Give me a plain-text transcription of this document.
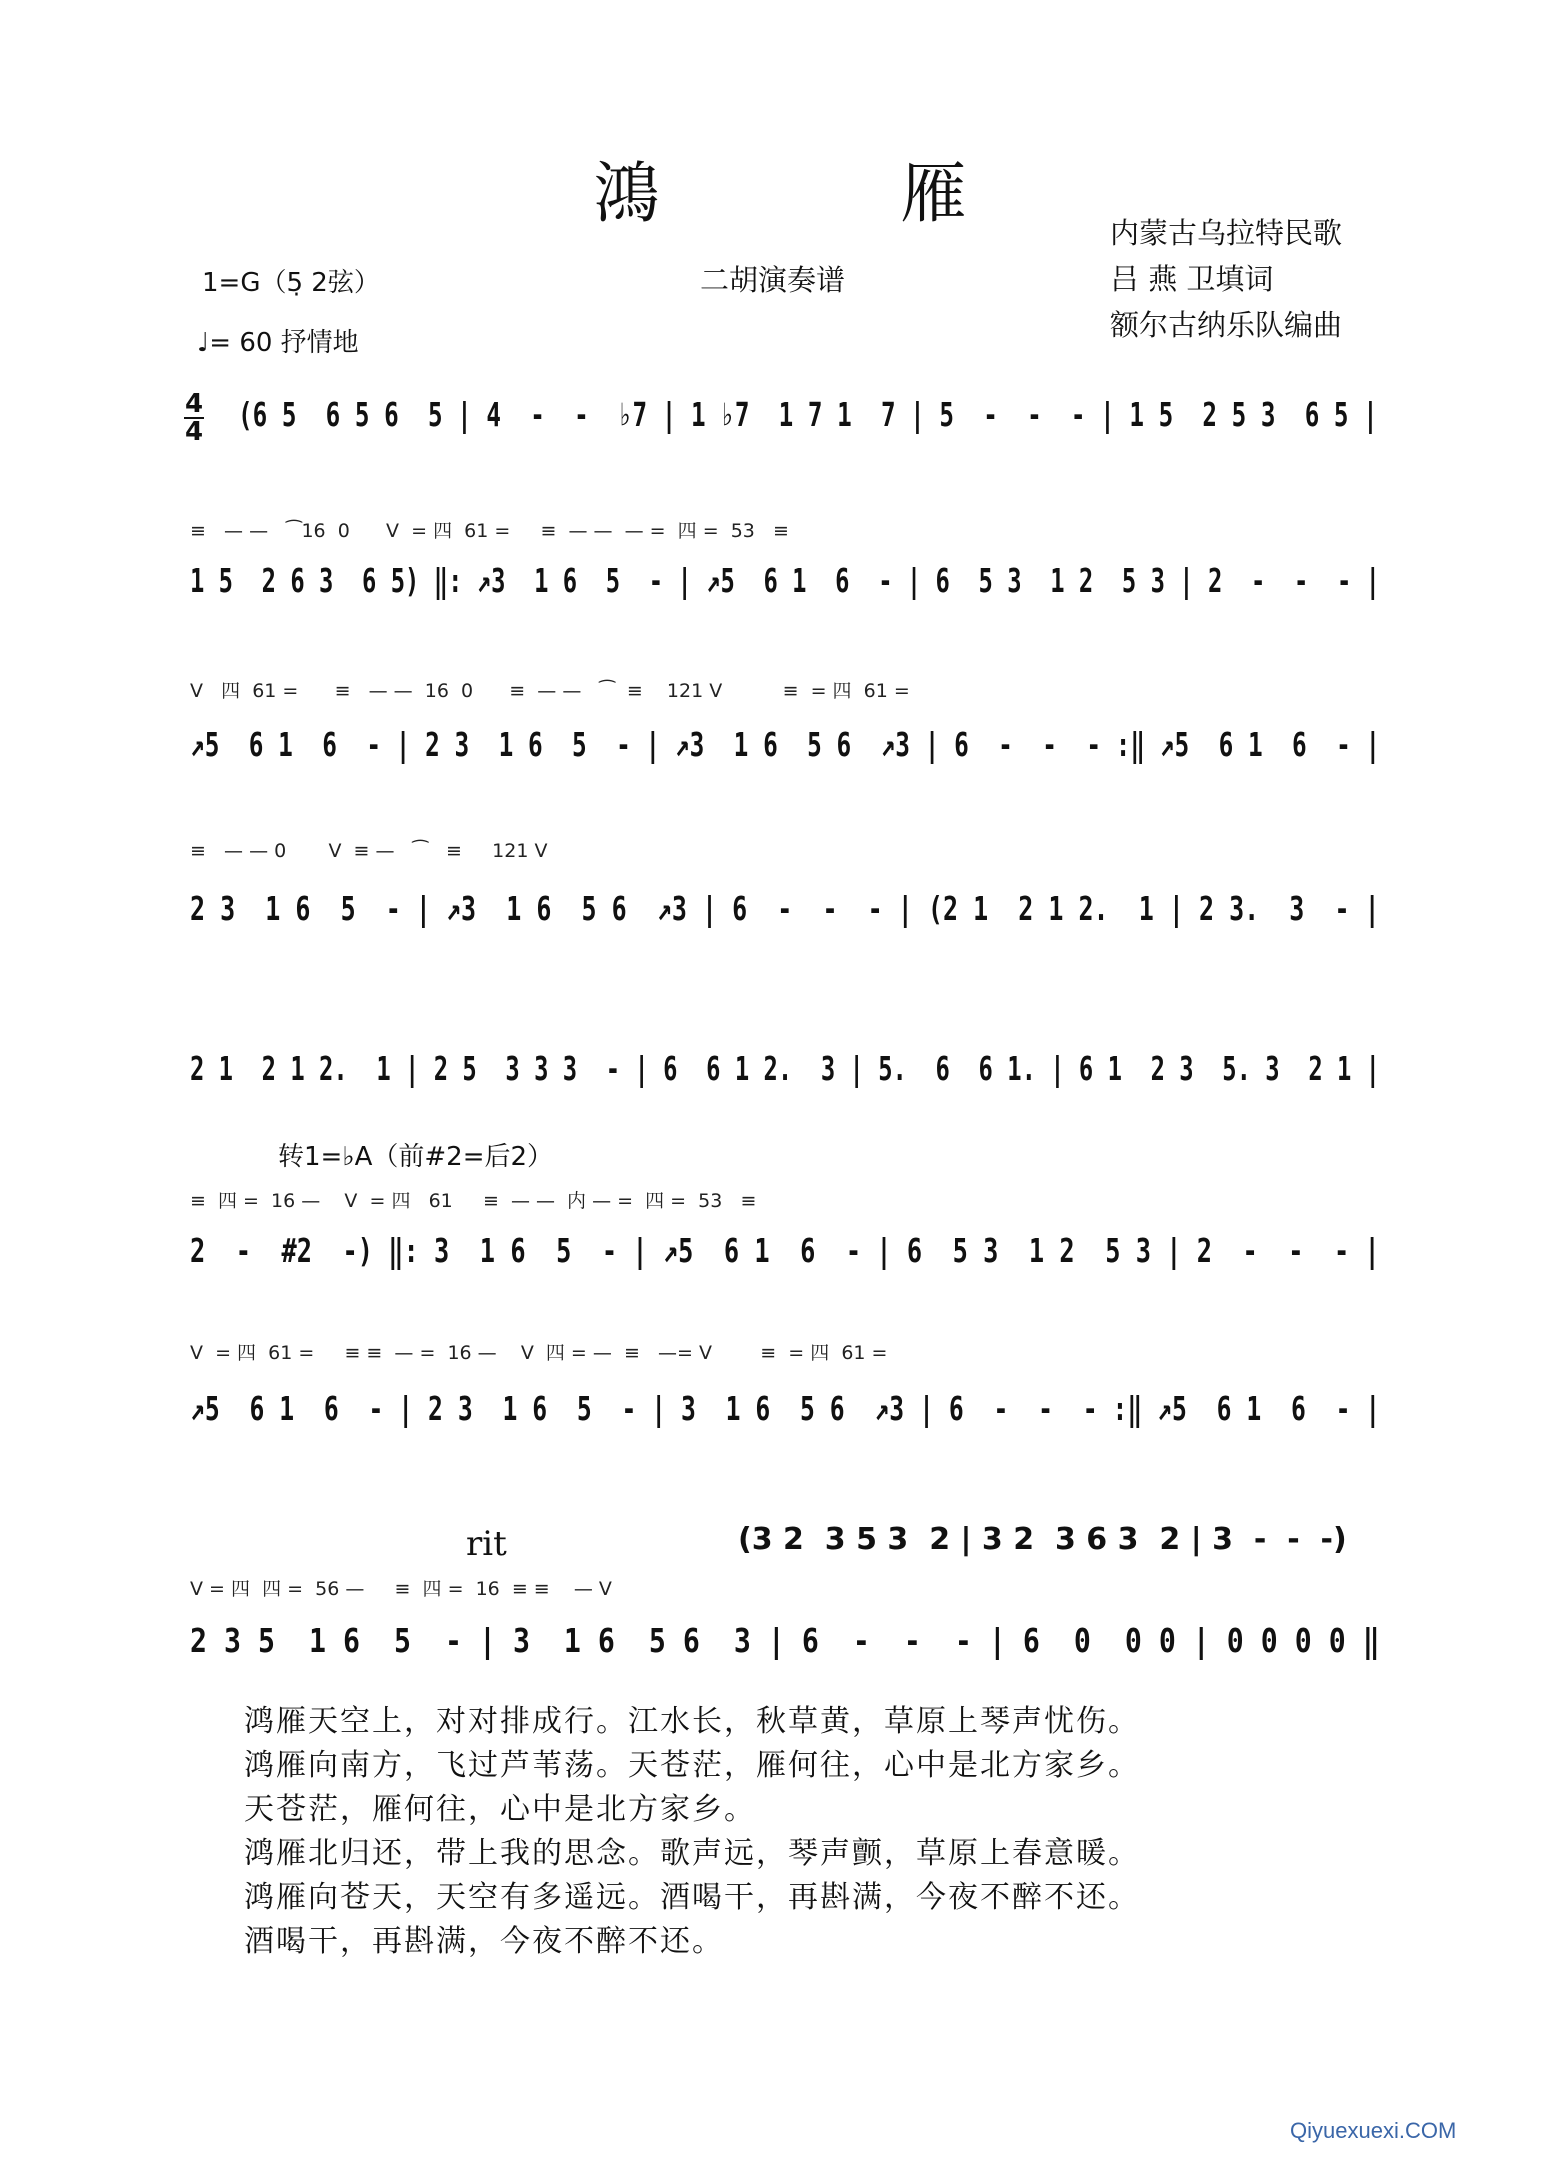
鴻 雁
内蒙古乌拉特民歌
吕 燕 卫填词
额尔古纳乐队编曲
二胡演奏谱
1=G（5̣ 2弦）
♩= 60 抒情地
4
4

(6 5  6 5 6  5 | 4  -  -  ♭7 | 1 ♭7  1 7 1  7 | 5  -  -  - | 1 5  2 5 3  6 5 |

≡   — —   ⁀16  0      V  = 四  61 =     ≡  — —  — =  四 =  53   ≡

1 5  2 6 3  6 5) ‖: ↗3  1 6  5  - | ↗5  6 1  6  - | 6  5 3  1 2  5 3 | 2  -  -  - |

V   四  61 =      ≡   — —  16  0      ≡  — —   ⁀  ≡    121 V          ≡  = 四  61 =

↗5  6 1  6  - | 2 3  1 6  5  - | ↗3  1 6  5 6  ↗3 | 6  -  -  - :‖ ↗5  6 1  6  - |

≡   — — 0       V  ≡ —   ⁀   ≡     121 V

2 3  1 6  5  - | ↗3  1 6  5 6  ↗3 | 6  -  -  - | (2 1  2 1 2.  1 | 2 3.  3  - |

2 1  2 1 2.  1 | 2 5  3 3 3  - | 6  6 1 2.  3 | 5.  6  6 1. | 6 1  2 3  5. 3  2 1 |

转1=♭A（前#2=后2）
≡  四 =  16 —    V  = 四   61     ≡  — —  内 — =  四 =  53   ≡

2  -  #2  -) ‖: 3  1 6  5  - | ↗5  6 1  6  - | 6  5 3  1 2  5 3 | 2  -  -  - |

V  = 四  61 =     ≡ ≡  — =  16 —    V  四 = —  ≡   —= V        ≡  = 四  61 =

↗5  6 1  6  - | 2 3  1 6  5  - | 3  1 6  5 6  ↗3 | 6  -  -  - :‖ ↗5  6 1  6  - |

rit	(3 2  3 5 3  2 | 3 2  3 6 3  2 | 3  -  -  -)
V = 四  四 =  56 —     ≡  四 =  16  ≡ ≡    — V

2 3 5  1 6  5  - | 3  1 6  5 6  3 | 6  -  -  - | 6  0  0 0 | 0 0 0 0 ‖

鸿雁天空上，对对排成行。江水长，秋草黄，草原上琴声忧伤。
鸿雁向南方，飞过芦苇荡。天苍茫，雁何往，心中是北方家乡。
天苍茫，雁何往，心中是北方家乡。
鸿雁北归还，带上我的思念。歌声远，琴声颤，草原上春意暖。
鸿雁向苍天，天空有多遥远。酒喝干，再斟满，今夜不醉不还。
酒喝干，再斟满，今夜不醉不还。
Qiyuexuexi.COM
